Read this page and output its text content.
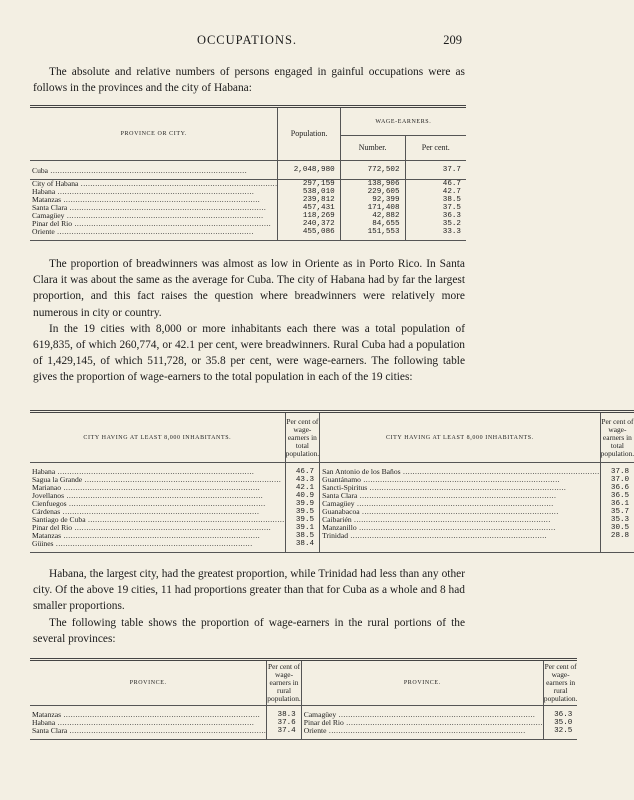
OCCUPATIONS.	209

The absolute and relative numbers of persons engaged in gainful occupations were as follows in the provinces and the city of Habana:

PROVINCE OR CITY.	Population.	WAGE-EARNERS.	
		Number.	Per cent.
Cuba .....	2,048,980	772,502	37.7
City of Habana .....	297,159	138,906	46.7
Habana .....	538,010	229,605	42.7
Matanzas .....	239,812	92,399	38.5
Santa Clara .....	457,431	171,408	37.5
Camagüey .....	118,269	42,882	36.3
Pinar del Rio .....	240,372	84,655	35.2
Oriente .....	455,086	151,553	33.3

The proportion of breadwinners was almost as low in Oriente as in Porto Rico. In Santa Clara it was about the same as the average for Cuba. The city of Habana had by far the largest proportion, and this fact raises the question where breadwinners were relatively more numerous in city or country.

In the 19 cities with 8,000 or more inhabitants each there was a total population of 619,835, of which 260,774, or 42.1 per cent, were breadwinners. Rural Cuba had a population of 1,429,145, of which 511,728, or 35.8 per cent, were wage-earners. The following table gives the proportion of wage-earners to the total population in each of the 19 cities:

CITY HAVING AT LEAST 8,000 INHABITANTS.	Per cent of wage-earners in total population.	CITY HAVING AT LEAST 8,000 INHABITANTS.	Per cent of wage-earners in total population.

Habana .....	46.7	San Antonio de los Baños .....	37.8
Sagua la Grande .....	43.3	Guantánamo .....	37.0
Marianao .....	42.1	Sancti-Spiritus .....	36.6
Jovellanos .....	40.9	Santa Clara .....	36.5
Cienfuegos .....	39.9	Camagüey .....	36.1
Cárdenas .....	39.5	Guanabacoa .....	35.7
Santiago de Cuba .....	39.5	Caibarién .....	35.3
Pinar del Rio .....	39.1	Manzanillo .....	30.5
Matanzas .....	38.5	Trinidad .....	28.8
Güines .....	38.4		

Habana, the largest city, had the greatest proportion, while Trinidad had less than any other city. Of the above 19 cities, 11 had proportions greater than that for Cuba as a whole and 8 had smaller proportions.

The following table shows the proportion of wage-earners in the rural portions of the several provinces:

PROVINCE.	Per cent of wage-earners in rural population.	PROVINCE.	Per cent of wage-earners in rural population.

Matanzas .....	38.3	Camagüey .....	36.3
Habana .....	37.6	Pinar del Rio .....	35.0
Santa Clara .....	37.4	Oriente .....	32.5
